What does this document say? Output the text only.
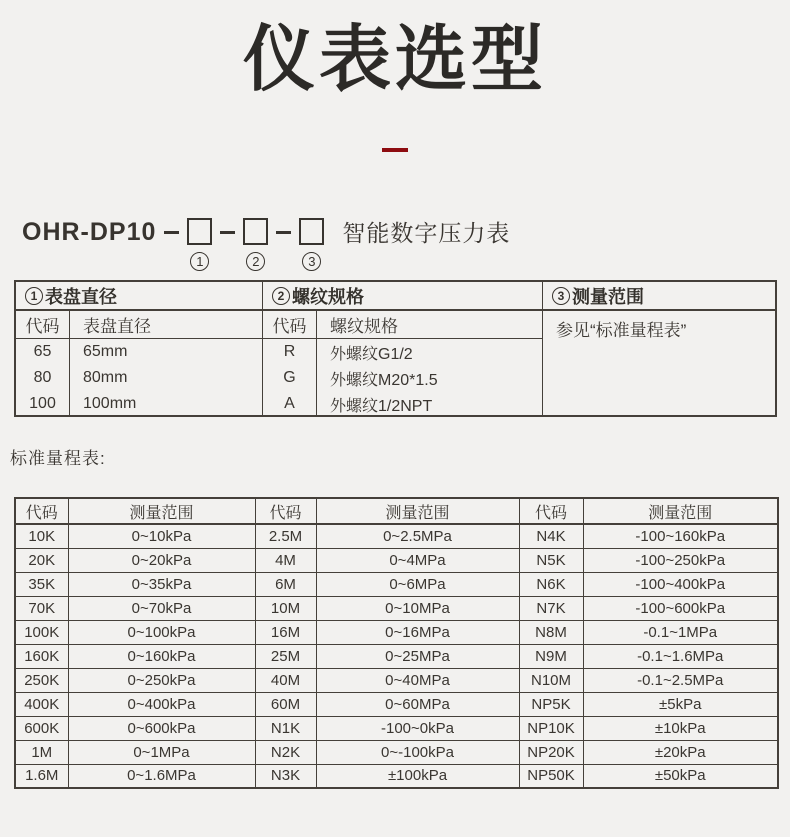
仪表选型
OHR-DP10
1	2	3
智能数字压力表
1 表盘直径
代码	表盘直径
65	65mm
80	80mm
100	100mm
2 螺纹规格
代码	螺纹规格
R	外螺纹G1/2
G	外螺纹M20*1.5
A	外螺纹1/2NPT
3 测量范围
参见“标准量程表”
标准量程表:
代码	测量范围	代码	测量范围	代码	测量范围
10K	0~10kPa	2.5M	0~2.5MPa	N4K	-100~160kPa
20K	0~20kPa	4M	0~4MPa	N5K	-100~250kPa
35K	0~35kPa	6M	0~6MPa	N6K	-100~400kPa
70K	0~70kPa	10M	0~10MPa	N7K	-100~600kPa
100K	0~100kPa	16M	0~16MPa	N8M	-0.1~1MPa
160K	0~160kPa	25M	0~25MPa	N9M	-0.1~1.6MPa
250K	0~250kPa	40M	0~40MPa	N10M	-0.1~2.5MPa
400K	0~400kPa	60M	0~60MPa	NP5K	±5kPa
600K	0~600kPa	N1K	-100~0kPa	NP10K	±10kPa
1M	0~1MPa	N2K	0~-100kPa	NP20K	±20kPa
1.6M	0~1.6MPa	N3K	±100kPa	NP50K	±50kPa
